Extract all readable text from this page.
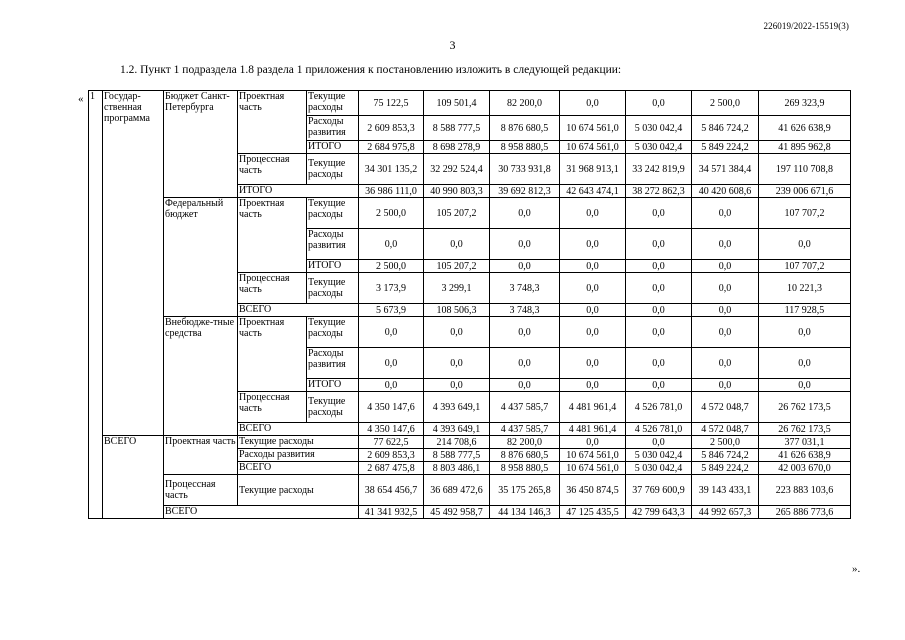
226019/2022-15519(3)
3
1.2. Пункт 1 подраздела 1.8 раздела 1 приложения к постановлению изложить в следующей редакции:
«
».
1	Государ-ственная программа	Бюджет Санкт-Петербурга	Проектная часть	Текущие расходы	75 122,5	109 501,4	82 200,0	0,0	0,0	2 500,0	269 323,9
				Расходы развития	2 609 853,3	8 588 777,5	8 876 680,5	10 674 561,0	5 030 042,4	5 846 724,2	41 626 638,9
				ИТОГО	2 684 975,8	8 698 278,9	8 958 880,5	10 674 561,0	5 030 042,4	5 849 224,2	41 895 962,8
			Процессная часть	Текущие расходы	34 301 135,2	32 292 524,4	30 733 931,8	31 968 913,1	33 242 819,9	34 571 384,4	197 110 708,8
			ИТОГО		36 986 111,0	40 990 803,3	39 692 812,3	42 643 474,1	38 272 862,3	40 420 608,6	239 006 671,6
		Федеральный бюджет	Проектная часть	Текущие расходы	2 500,0	105 207,2	0,0	0,0	0,0	0,0	107 707,2
				Расходы развития	0,0	0,0	0,0	0,0	0,0	0,0	0,0
				ИТОГО	2 500,0	105 207,2	0,0	0,0	0,0	0,0	107 707,2
			Процессная часть	Текущие расходы	3 173,9	3 299,1	3 748,3	0,0	0,0	0,0	10 221,3
			ВСЕГО		5 673,9	108 506,3	3 748,3	0,0	0,0	0,0	117 928,5
		Внебюдже-тные средства	Проектная часть	Текущие расходы	0,0	0,0	0,0	0,0	0,0	0,0	0,0
				Расходы развития	0,0	0,0	0,0	0,0	0,0	0,0	0,0
				ИТОГО	0,0	0,0	0,0	0,0	0,0	0,0	0,0
			Процессная часть	Текущие расходы	4 350 147,6	4 393 649,1	4 437 585,7	4 481 961,4	4 526 781,0	4 572 048,7	26 762 173,5
			ВСЕГО		4 350 147,6	4 393 649,1	4 437 585,7	4 481 961,4	4 526 781,0	4 572 048,7	26 762 173,5
	ВСЕГО	Проектная часть	Текущие расходы		77 622,5	214 708,6	82 200,0	0,0	0,0	2 500,0	377 031,1
			Расходы развития		2 609 853,3	8 588 777,5	8 876 680,5	10 674 561,0	5 030 042,4	5 846 724,2	41 626 638,9
			ВСЕГО		2 687 475,8	8 803 486,1	8 958 880,5	10 674 561,0	5 030 042,4	5 849 224,2	42 003 670,0
		Процессная часть	Текущие расходы		38 654 456,7	36 689 472,6	35 175 265,8	36 450 874,5	37 769 600,9	39 143 433,1	223 883 103,6
		ВСЕГО			41 341 932,5	45 492 958,7	44 134 146,3	47 125 435,5	42 799 643,3	44 992 657,3	265 886 773,6
